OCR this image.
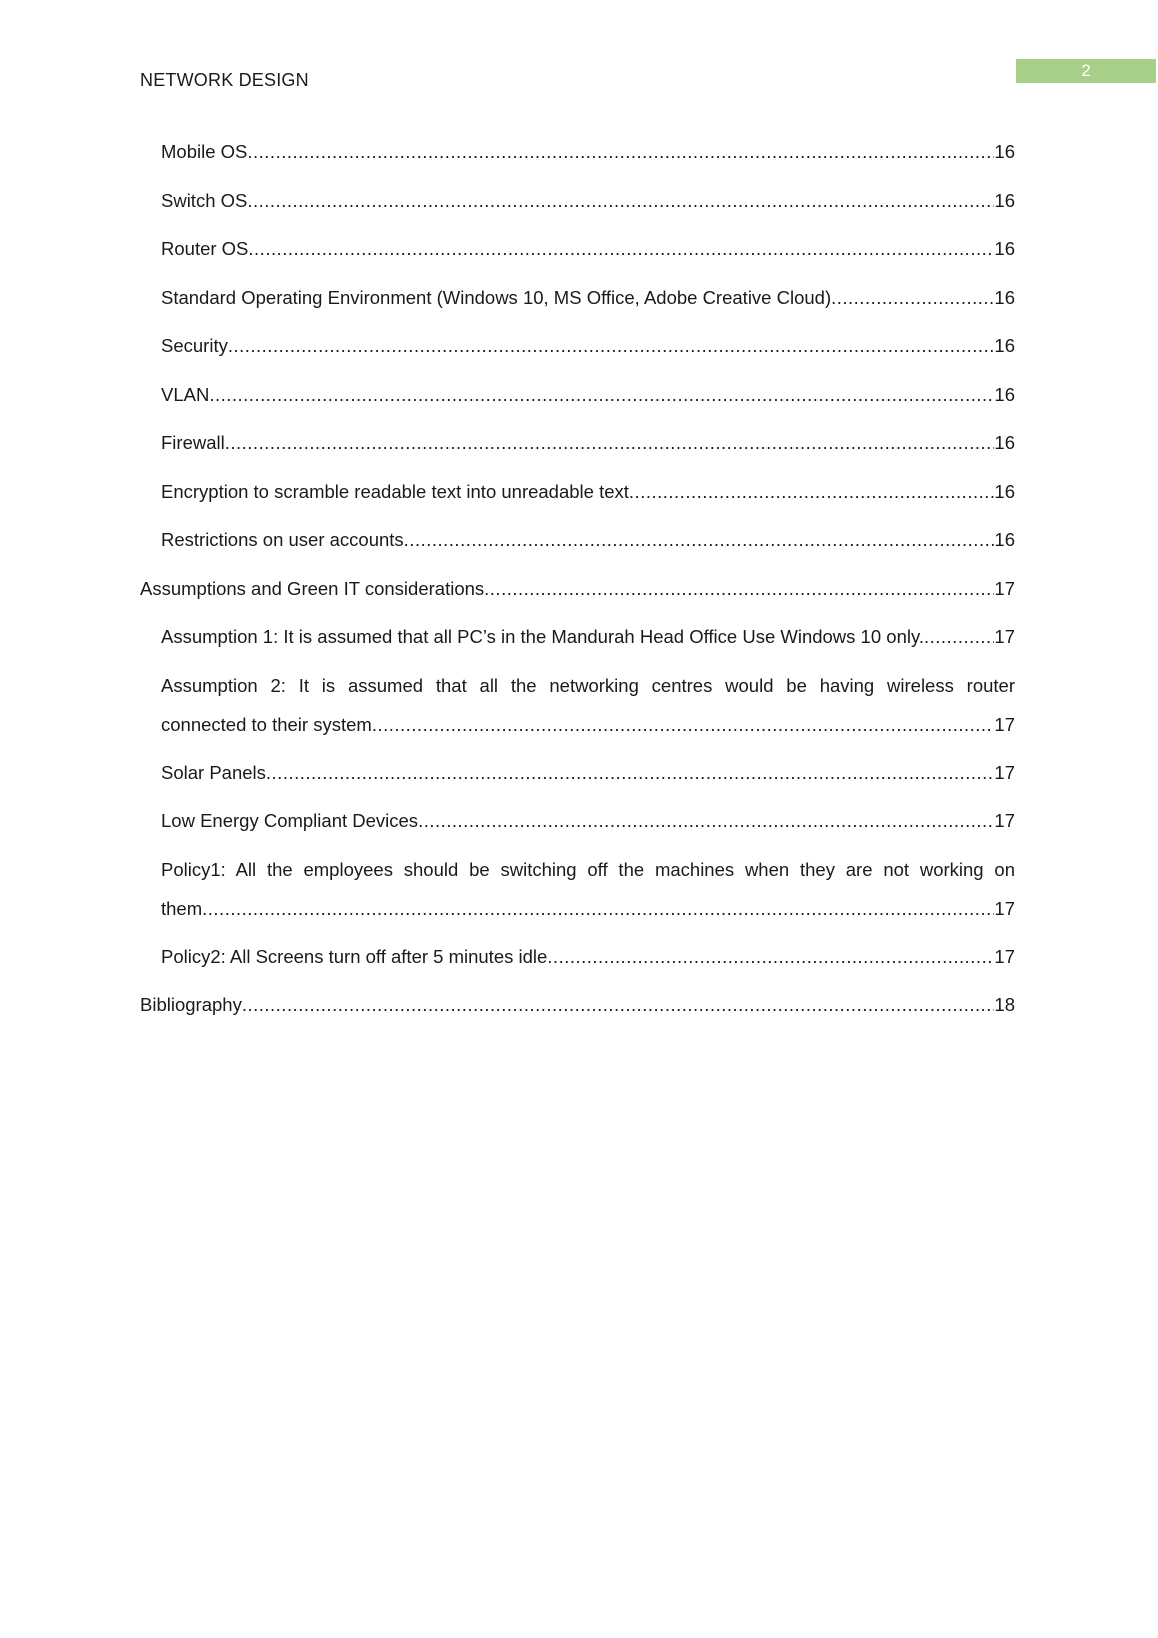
NETWORK DESIGN	2
Mobile OS .....	16
Switch OS .....	16
Router OS .....	16
Standard Operating Environment (Windows 10, MS Office, Adobe Creative Cloud) .....	16
Security .....	16
VLAN .....	16
Firewall .....	16
Encryption to scramble readable text into unreadable text .....	16
Restrictions on user accounts .....	16
Assumptions and Green IT considerations .....	17
Assumption 1: It is assumed that all PC’s in the Mandurah Head Office Use Windows 10 only. .....	17
Assumption 2: It is assumed that all the networking centres would be having wireless router
connected to their system .....	17
Solar Panels .....	17
Low Energy Compliant Devices .....	17
Policy1: All the employees should be switching off the machines when they are not working on
them .....	17
Policy2: All Screens turn off after 5 minutes idle .....	17
Bibliography .....	18
